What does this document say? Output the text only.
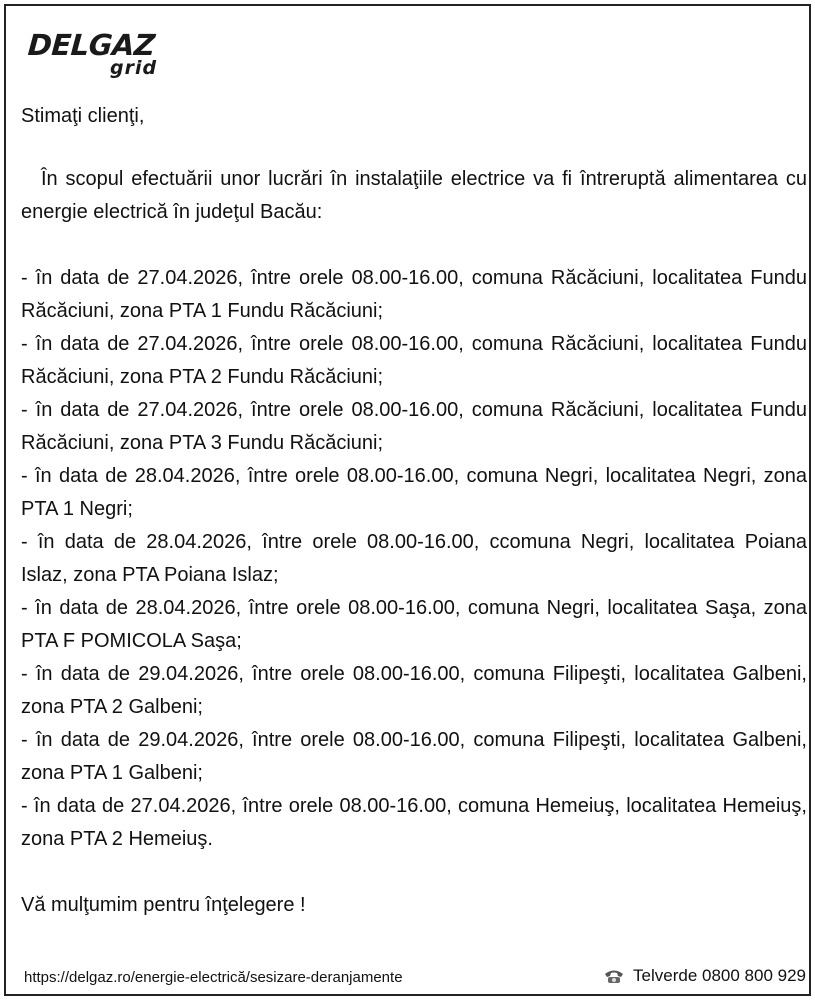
DELGAZ
grid

Stimaţi clienţi,

În scopul efectuării unor lucrări în instalaţiile electrice va fi întreruptă alimentarea cu energie electrică în judeţul Bacău:

- în data de 27.04.2026, între orele 08.00-16.00, comuna Răcăciuni, localitatea Fundu Răcăciuni, zona PTA 1 Fundu Răcăciuni;

- în data de 27.04.2026, între orele 08.00-16.00, comuna Răcăciuni, localitatea Fundu Răcăciuni, zona PTA 2 Fundu Răcăciuni;

- în data de 27.04.2026, între orele 08.00-16.00, comuna Răcăciuni, localitatea Fundu Răcăciuni, zona PTA 3 Fundu Răcăciuni;

- în data de 28.04.2026, între orele 08.00-16.00, comuna Negri, localitatea Negri, zona PTA 1 Negri;

- în data de 28.04.2026, între orele 08.00-16.00, ccomuna Negri, localitatea Poiana Islaz, zona PTA Poiana Islaz;

- în data de 28.04.2026, între orele 08.00-16.00, comuna Negri, localitatea Saşa, zona PTA F POMICOLA Saşa;

- în data de 29.04.2026, între orele 08.00-16.00, comuna Filipeşti, localitatea Galbeni, zona PTA 2 Galbeni;

- în data de 29.04.2026, între orele 08.00-16.00, comuna Filipeşti, localitatea Galbeni, zona PTA 1 Galbeni;

- în data de 27.04.2026, între orele 08.00-16.00, comuna Hemeiuş, localitatea Hemeiuş, zona PTA 2 Hemeiuş.

Vă mulţumim pentru înţelegere !

https://delgaz.ro/energie-electrică/sesizare-deranjamente	Telverde 0800 800 929
